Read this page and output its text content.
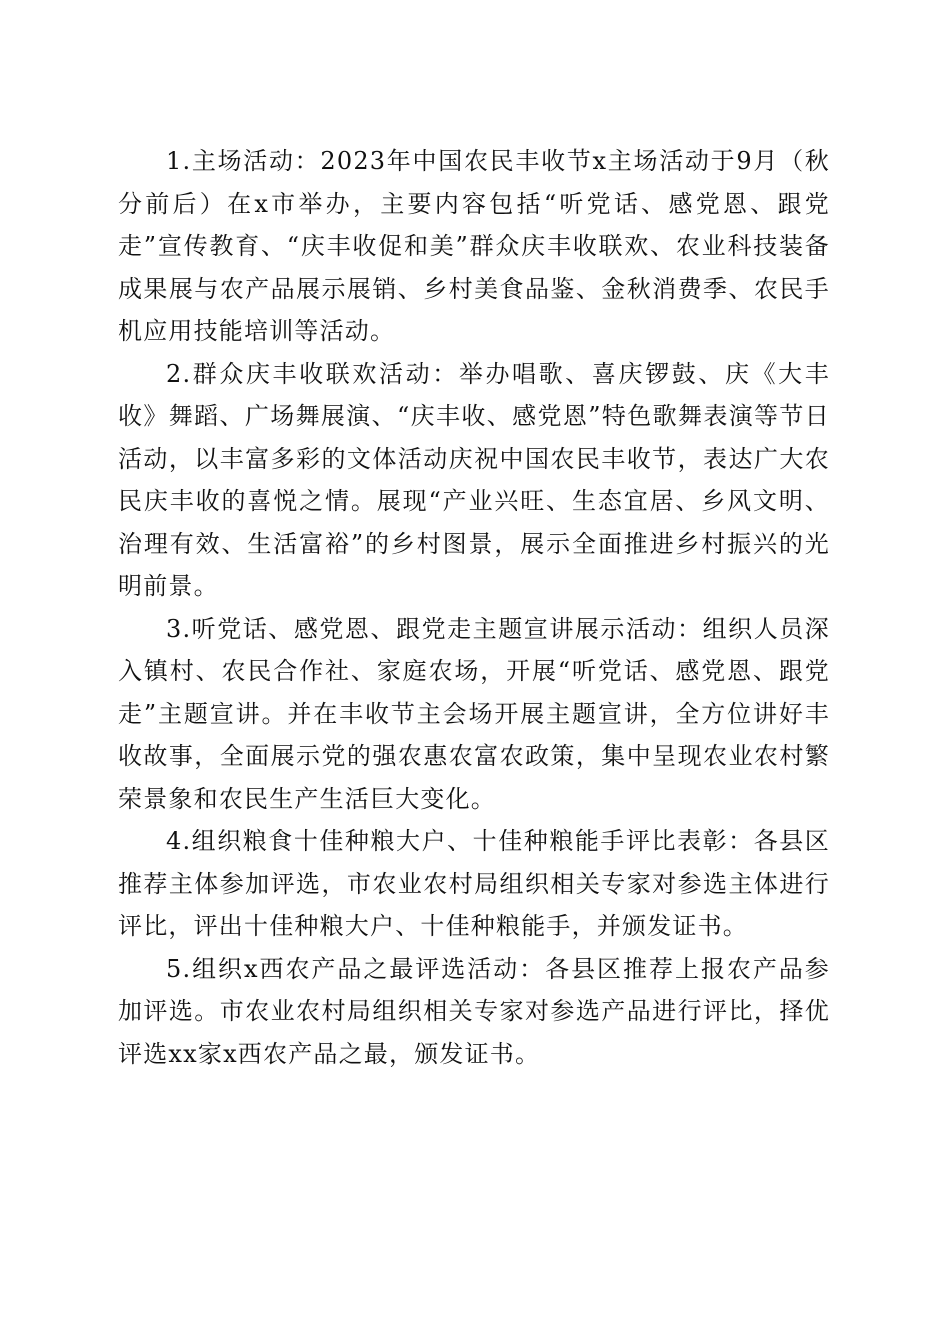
1.主场活动：2023年中国农民丰收节x主场活动于9月（秋分前后）在x市举办，主要内容包括“听党话、感党恩、跟党走”宣传教育、“庆丰收促和美”群众庆丰收联欢、农业科技装备成果展与农产品展示展销、乡村美食品鉴、金秋消费季、农民手机应用技能培训等活动。

2.群众庆丰收联欢活动：举办唱歌、喜庆锣鼓、庆《大丰收》舞蹈、广场舞展演、“庆丰收、感党恩”特色歌舞表演等节日活动，以丰富多彩的文体活动庆祝中国农民丰收节，表达广大农民庆丰收的喜悦之情。展现“产业兴旺、生态宜居、乡风文明、治理有效、生活富裕”的乡村图景，展示全面推进乡村振兴的光明前景。

3.听党话、感党恩、跟党走主题宣讲展示活动：组织人员深入镇村、农民合作社、家庭农场，开展“听党话、感党恩、跟党走”主题宣讲。并在丰收节主会场开展主题宣讲，全方位讲好丰收故事，全面展示党的强农惠农富农政策，集中呈现农业农村繁荣景象和农民生产生活巨大变化。

4.组织粮食十佳种粮大户、十佳种粮能手评比表彰：各县区推荐主体参加评选，市农业农村局组织相关专家对参选主体进行评比，评出十佳种粮大户、十佳种粮能手，并颁发证书。

5.组织x西农产品之最评选活动：各县区推荐上报农产品参加评选。市农业农村局组织相关专家对参选产品进行评比，择优评选xx家x西农产品之最，颁发证书。
